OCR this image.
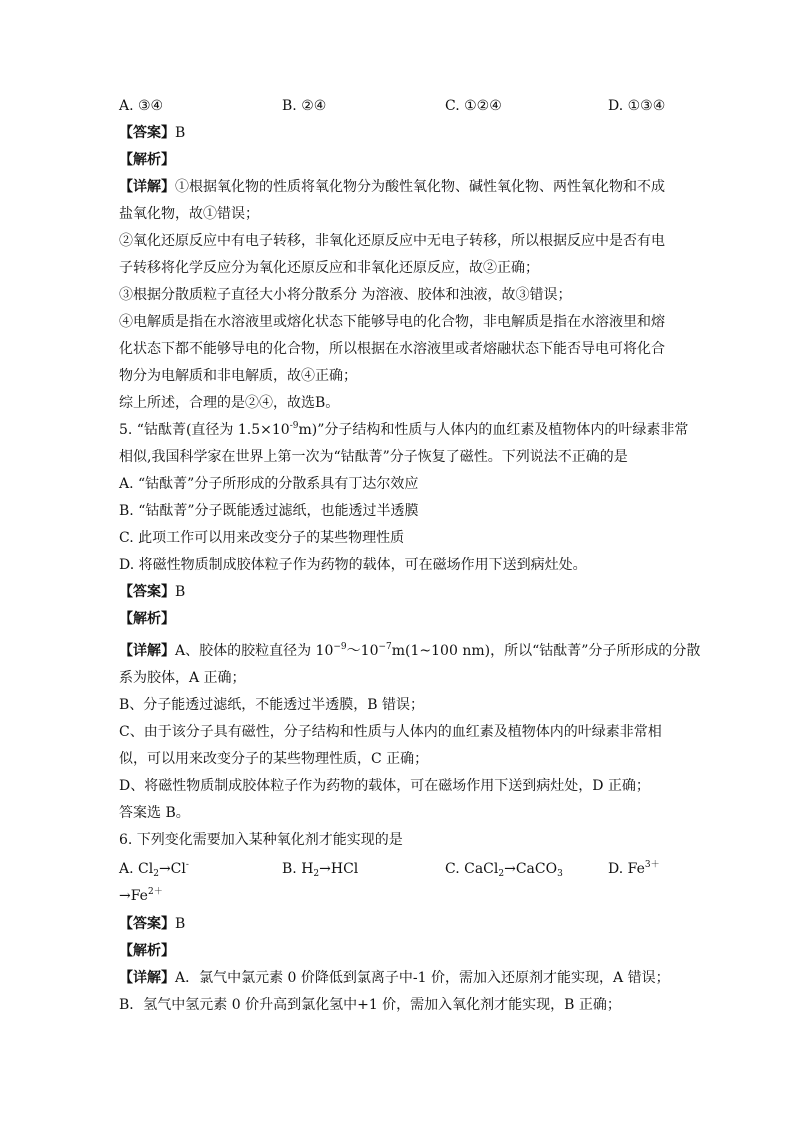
A. ③④	B. ②④	C. ①②④	D. ①③④
【答案】B
【解析】
【详解】①根据氧化物的性质将氧化物分为酸性氧化物、碱性氧化物、两性氧化物和不成
盐氧化物，故①错误；
②氧化还原反应中有电子转移，非氧化还原反应中无电子转移，所以根据反应中是否有电
子转移将化学反应分为氧化还原反应和非氧化还原反应，故②正确；
③根据分散质粒子直径大小将分散系分 为溶液、胶体和浊液，故③错误；
④电解质是指在水溶液里或熔化状态下能够导电的化合物，非电解质是指在水溶液里和熔
化状态下都不能够导电的化合物，所以根据在水溶液里或者熔融状态下能否导电可将化合
物分为电解质和非电解质，故④正确；
综上所述，合理的是②④，故选B。
5. “钴酞菁(直径为 $1.5\times 10^{-9}m$)”分子结构和性质与人体内的血红素及植物体内的叶绿素非常
相似,我国科学家在世界上第一次为“钴酞菁”分子恢复了磁性。下列说法不正确的是
A. “钴酞菁”分子所形成的分散系具有丁达尔效应
B. “钴酞菁”分子既能透过滤纸，也能透过半透膜
C. 此项工作可以用来改变分子的某些物理性质
D. 将磁性物质制成胶体粒子作为药物的载体，可在磁场作用下送到病灶处。
【答案】B
【解析】
【详解】A、胶体的胶粒直径为 $10^{-9}\sim 10^{-7}m(1\sim 100$ nm)，所以“钴酞菁”分子所形成的分散
系为胶体，A 正确；
B、分子能透过滤纸，不能透过半透膜，B 错误；
C、由于该分子具有磁性，分子结构和性质与人体内的血红素及植物体内的叶绿素非常相
似，可以用来改变分子的某些物理性质，C 正确；
D、将磁性物质制成胶体粒子作为药物的载体，可在磁场作用下送到病灶处，D 正确；
答案选 B。
6. 下列变化需要加入某种氧化剂才能实现的是
A. $Cl_2\to Cl^-$	B. $H_2\to HCl$	C. CaCl$_2$→CaCO$_3$	D. $Fe^{3+}$
$\to Fe^{2+}$
【答案】B
【解析】
【详解】A．氯气中氯元素 0 价降低到氯离子中-1 价，需加入还原剂才能实现，A 错误；
B．氢气中氢元素 0 价升高到氯化氢中+1 价，需加入氧化剂才能实现，B 正确；
